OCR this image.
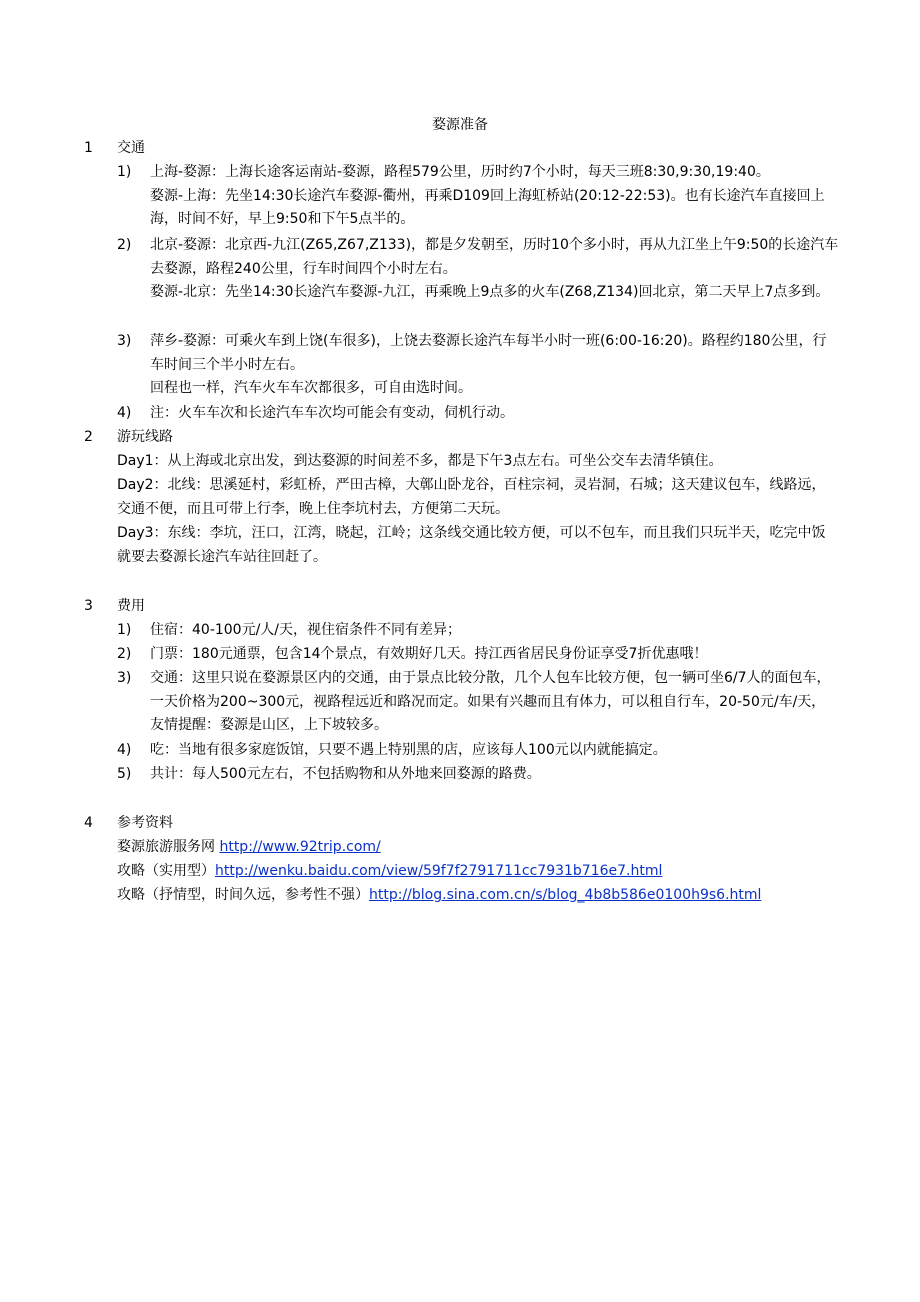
婺源准备
1 交通
1) 上海-婺源：上海长途客运南站-婺源，路程579公里，历时约7个小时，每天三班8:30,9:30,19:40。
婺源-上海：先坐14:30长途汽车婺源-衢州，再乘D109回上海虹桥站(20:12-22:53)。也有长途汽车直接回上海，时间不好，早上9:50和下午5点半的。
2) 北京-婺源：北京西-九江(Z65,Z67,Z133)，都是夕发朝至，历时10个多小时，再从九江坐上午9:50的长途汽车去婺源，路程240公里，行车时间四个小时左右。
婺源-北京：先坐14:30长途汽车婺源-九江，再乘晚上9点多的火车(Z68,Z134)回北京，第二天早上7点多到。
3) 萍乡-婺源：可乘火车到上饶(车很多)，上饶去婺源长途汽车每半小时一班(6:00-16:20)。路程约180公里，行车时间三个半小时左右。
回程也一样，汽车火车车次都很多，可自由选时间。
4) 注：火车车次和长途汽车车次均可能会有变动，伺机行动。
2 游玩线路
Day1：从上海或北京出发，到达婺源的时间差不多，都是下午3点左右。可坐公交车去清华镇住。
Day2：北线：思溪延村，彩虹桥，严田古樟，大鄣山卧龙谷，百柱宗祠，灵岩洞，石城；这天建议包车，线路远，交通不便，而且可带上行李，晚上住李坑村去，方便第二天玩。
Day3：东线：李坑，汪口，江湾，晓起，江岭；这条线交通比较方便，可以不包车，而且我们只玩半天，吃完中饭就要去婺源长途汽车站往回赶了。
3 费用
1) 住宿：40-100元/人/天，视住宿条件不同有差异；
2) 门票：180元通票，包含14个景点，有效期好几天。持江西省居民身份证享受7折优惠哦！
3) 交通：这里只说在婺源景区内的交通，由于景点比较分散，几个人包车比较方便，包一辆可坐6/7人的面包车，一天价格为200~300元，视路程远近和路况而定。如果有兴趣而且有体力，可以租自行车，20-50元/车/天，友情提醒：婺源是山区，上下坡较多。
4) 吃：当地有很多家庭饭馆，只要不遇上特别黑的店，应该每人100元以内就能搞定。
5) 共计：每人500元左右，不包括购物和从外地来回婺源的路费。
4 参考资料
婺源旅游服务网 http://www.92trip.com/
攻略（实用型）http://wenku.baidu.com/view/59f7f2791711cc7931b716e7.html
攻略（抒情型，时间久远，参考性不强）http://blog.sina.com.cn/s/blog_4b8b586e0100h9s6.html
